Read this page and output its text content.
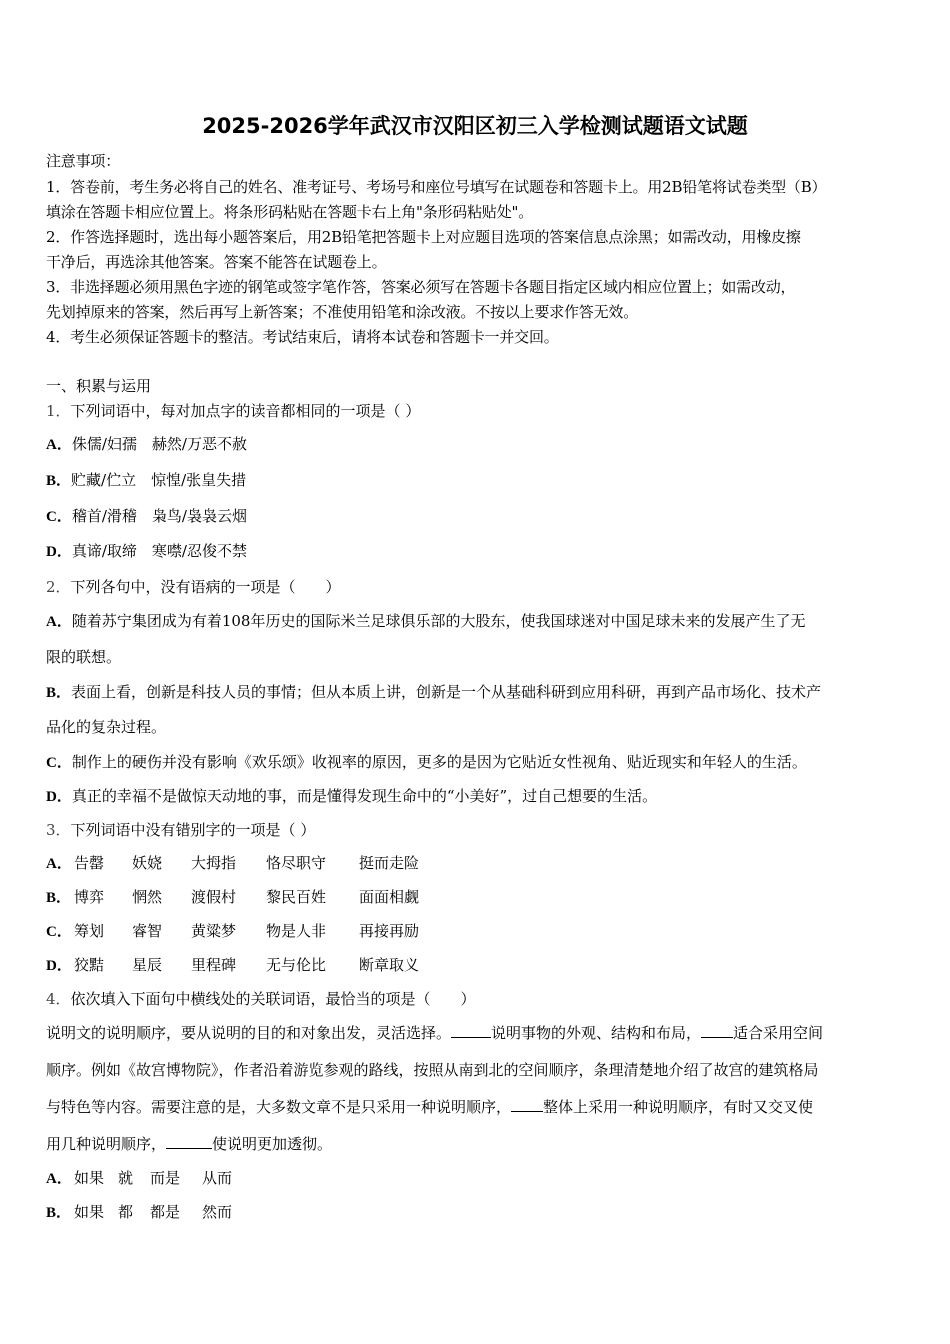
2025-2026学年武汉市汉阳区初三入学检测试题语文试题
注意事项：
1．答卷前，考生务必将自己的姓名、准考证号、考场号和座位号填写在试题卷和答题卡上。用2B铅笔将试卷类型（B）
填涂在答题卡相应位置上。将条形码粘贴在答题卡右上角"条形码粘贴处"。
2．作答选择题时，选出每小题答案后，用2B铅笔把答题卡上对应题目选项的答案信息点涂黑；如需改动，用橡皮擦
干净后，再选涂其他答案。答案不能答在试题卷上。
3．非选择题必须用黑色字迹的钢笔或签字笔作答，答案必须写在答题卡各题目指定区域内相应位置上；如需改动，
先划掉原来的答案，然后再写上新答案；不准使用铅笔和涂改液。不按以上要求作答无效。
4．考生必须保证答题卡的整洁。考试结束后，请将本试卷和答题卡一并交回。
一、积累与运用
1．下列词语中，每对加点字的读音都相同的一项是（ ）
A．侏儒/妇孺　赫然/万恶不赦
B．贮藏/伫立　惊惶/张皇失措
C．稽首/滑稽　枭鸟/袅袅云烟
D．真谛/取缔　寒噤/忍俊不禁
2．下列各句中，没有语病的一项是（　　）
A．随着苏宁集团成为有着108年历史的国际米兰足球俱乐部的大股东，使我国球迷对中国足球未来的发展产生了无
限的联想。
B．表面上看，创新是科技人员的事情；但从本质上讲，创新是一个从基础科研到应用科研，再到产品市场化、技术产
品化的复杂过程。
C．制作上的硬伤并没有影响《欢乐颂》收视率的原因，更多的是因为它贴近女性视角、贴近现实和年轻人的生活。
D．真正的幸福不是做惊天动地的事，而是懂得发现生命中的“小美好”，过自己想要的生活。
3．下列词语中没有错别字的一项是（ ）
A． 告罄 妖娆 大拇指 恪尽职守 挺而走险
B． 博弈 惘然 渡假村 黎民百姓 面面相觑
C． 筹划 睿智 黄粱梦 物是人非 再接再励
D． 狡黠 星辰 里程碑 无与伦比 断章取义
4．依次填入下面句中横线处的关联词语，最恰当的项是（　　）
说明文的说明顺序，要从说明的目的和对象出发，灵活选择。	说明事物的外观、结构和布局， 适合采用空间
顺序。例如《故宫博物院》，作者沿着游览参观的路线，按照从南到北的空间顺序，条理清楚地介绍了故宫的建筑格局
与特色等内容。需要注意的是，大多数文章不是只采用一种说明顺序， 整体上采用一种说明顺序，有时又交叉使
用几种说明顺序，	使说明更加透彻。
A． 如果 就 而是 从而
B． 如果 都 都是 然而
